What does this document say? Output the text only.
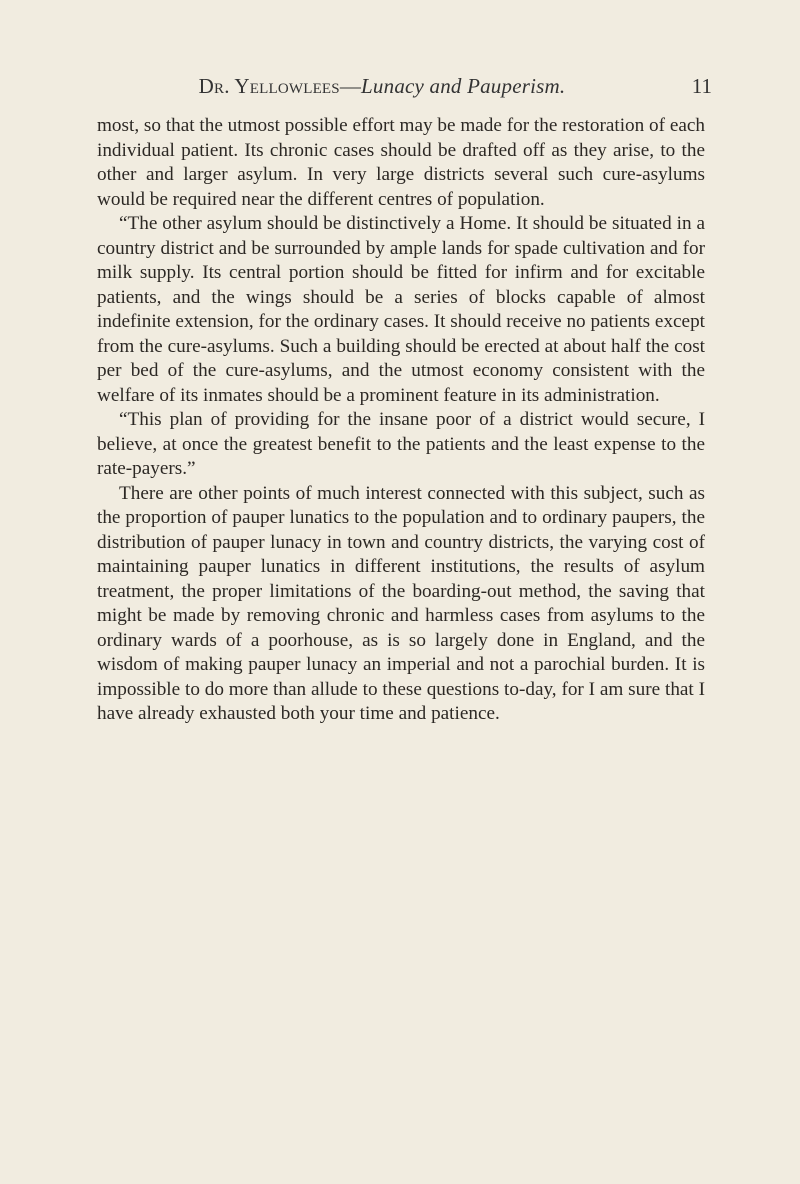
Dr. Yellowlees—Lunacy and Pauperism.	11

most, so that the utmost possible effort may be made for the restoration of each individual patient. Its chronic cases should be drafted off as they arise, to the other and larger asylum. In very large districts several such cure-asylums would be required near the different centres of population.

“The other asylum should be distinctively a Home. It should be situated in a country district and be surrounded by ample lands for spade cultivation and for milk supply. Its central portion should be fitted for infirm and for excitable patients, and the wings should be a series of blocks capable of almost indefinite extension, for the ordinary cases. It should receive no patients except from the cure-asylums. Such a building should be erected at about half the cost per bed of the cure-asylums, and the utmost economy consistent with the welfare of its inmates should be a prominent feature in its administration.

“This plan of providing for the insane poor of a district would secure, I believe, at once the greatest benefit to the patients and the least expense to the rate-payers.”

There are other points of much interest connected with this subject, such as the proportion of pauper lunatics to the population and to ordinary paupers, the distribution of pauper lunacy in town and country districts, the varying cost of maintaining pauper lunatics in different institutions, the results of asylum treatment, the proper limitations of the boarding-out method, the saving that might be made by removing chronic and harmless cases from asylums to the ordinary wards of a poorhouse, as is so largely done in England, and the wisdom of making pauper lunacy an imperial and not a parochial burden. It is impossible to do more than allude to these questions to-day, for I am sure that I have already exhausted both your time and patience.
